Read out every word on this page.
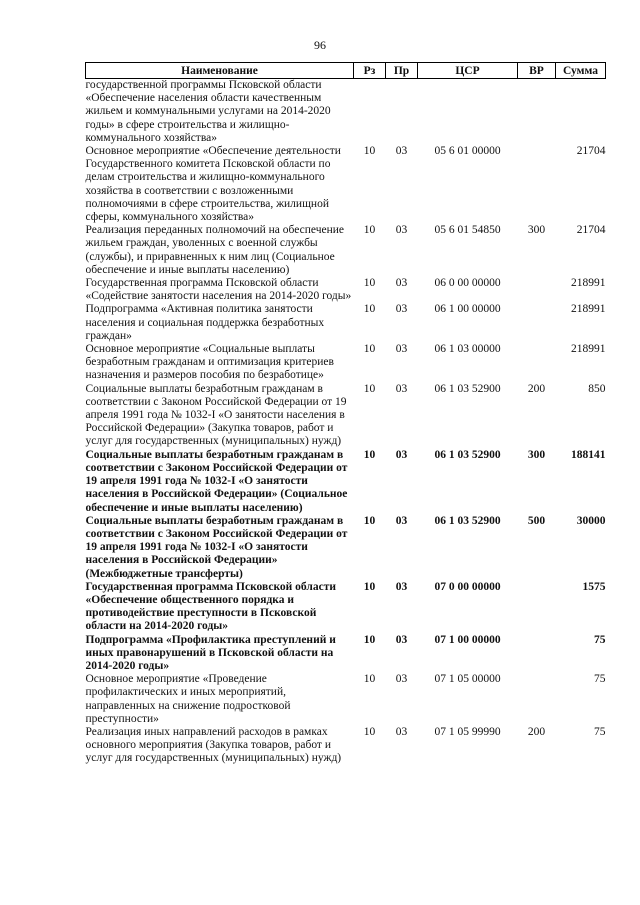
96
Наименование	Рз	Пр	ЦСР	ВР	Сумма
государственной программы Псковской области «Обеспечение населения области качественным жильем и коммунальными услугами на 2014-2020 годы» в сфере строительства и жилищно-коммунального хозяйства»					
Основное мероприятие «Обеспечение деятельности Государственного комитета Псковской области по делам строительства и жилищно-коммунального хозяйства в соответствии с возложенными полномочиями в сфере строительства, жилищной сферы, коммунального хозяйства»	10	03	05 6 01 00000		21704
Реализация переданных полномочий на обеспечение жильем граждан, уволенных с военной службы (службы), и приравненных к ним лиц (Социальное обеспечение и иные выплаты населению)	10	03	05 6 01 54850	300	21704
Государственная программа Псковской области «Содействие занятости населения на 2014-2020 годы»	10	03	06 0 00 00000		218991
Подпрограмма «Активная политика занятости населения и социальная поддержка безработных граждан»	10	03	06 1 00 00000		218991
Основное мероприятие «Социальные выплаты безработным гражданам и оптимизация критериев назначения и размеров пособия по безработице»	10	03	06 1 03 00000		218991
Социальные выплаты безработным гражданам в соответствии с Законом Российской Федерации от 19 апреля 1991 года № 1032-I «О занятости населения в Российской Федерации» (Закупка товаров, работ и услуг для государственных (муниципальных) нужд)	10	03	06 1 03 52900	200	850
Социальные выплаты безработным гражданам в соответствии с Законом Российской Федерации от 19 апреля 1991 года № 1032-I «О занятости населения в Российской Федерации» (Социальное обеспечение и иные выплаты населению)	10	03	06 1 03 52900	300	188141
Социальные выплаты безработным гражданам в соответствии с Законом Российской Федерации от 19 апреля 1991 года № 1032-I «О занятости населения в Российской Федерации» (Межбюджетные трансферты)	10	03	06 1 03 52900	500	30000
Государственная программа Псковской области «Обеспечение общественного порядка и противодействие преступности в Псковской области на 2014-2020 годы»	10	03	07 0 00 00000		1575
Подпрограмма «Профилактика преступлений и иных правонарушений в Псковской области на 2014-2020 годы»	10	03	07 1 00 00000		75
Основное мероприятие «Проведение профилактических и иных мероприятий, направленных на снижение подростковой преступности»	10	03	07 1 05 00000		75
Реализация иных направлений расходов в рамках основного мероприятия (Закупка товаров, работ и услуг для государственных (муниципальных) нужд)	10	03	07 1 05 99990	200	75
